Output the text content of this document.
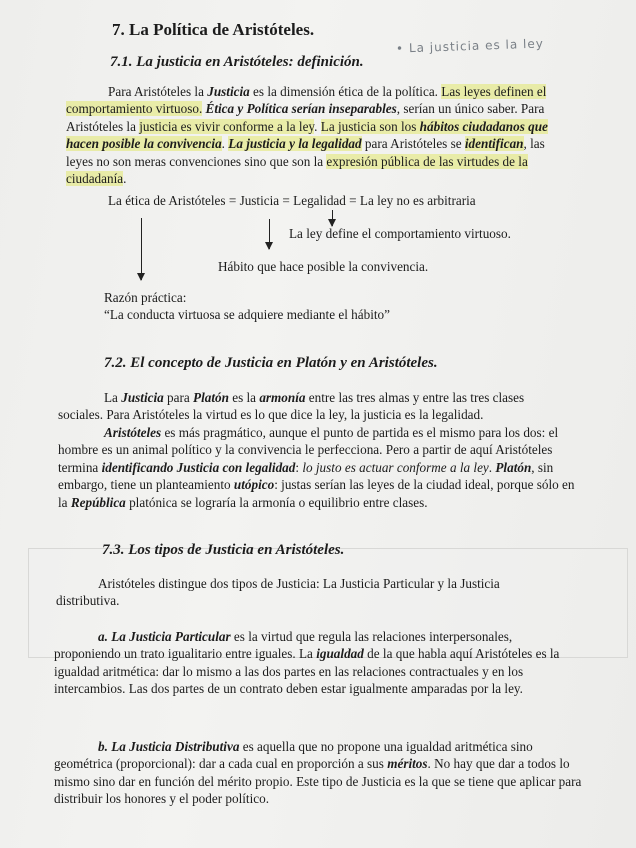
7. La Política de Aristóteles.
• La justicia es la ley
7.1. La justicia en Aristóteles: definición.
Para Aristóteles la Justicia es la dimensión ética de la política. Las leyes definen el comportamiento virtuoso. Ética y Política serían inseparables, serían un único saber. Para Aristóteles la justicia es vivir conforme a la ley. La justicia son los hábitos ciudadanos que hacen posible la convivencia. La justicia y la legalidad para Aristóteles se identifican, las leyes no son meras convenciones sino que son la expresión pública de las virtudes de la ciudadanía.
La ética de Aristóteles = Justicia = Legalidad = La ley no es arbitraria
La ley define el comportamiento virtuoso.
Hábito que hace posible la convivencia.
Razón práctica:
“La conducta virtuosa se adquiere mediante el hábito”
7.2. El concepto de Justicia en Platón y en Aristóteles.
La Justicia para Platón es la armonía entre las tres almas y entre las tres clases sociales. Para Aristóteles la virtud es lo que dice la ley, la justicia es la legalidad.
Aristóteles es más pragmático, aunque el punto de partida es el mismo para los dos: el hombre es un animal político y la convivencia le perfecciona. Pero a partir de aquí Aristóteles termina identificando Justicia con legalidad: lo justo es actuar conforme a la ley. Platón, sin embargo, tiene un planteamiento utópico: justas serían las leyes de la ciudad ideal, porque sólo en la República platónica se lograría la armonía o equilibrio entre clases.
7.3. Los tipos de Justicia en Aristóteles.
Aristóteles distingue dos tipos de Justicia: La Justicia Particular y la Justicia distributiva.
a. La Justicia Particular es la virtud que regula las relaciones interpersonales, proponiendo un trato igualitario entre iguales. La igualdad de la que habla aquí Aristóteles es la igualdad aritmética: dar lo mismo a las dos partes en las relaciones contractuales y en los intercambios. Las dos partes de un contrato deben estar igualmente amparadas por la ley.
b. La Justicia Distributiva es aquella que no propone una igualdad aritmética sino geométrica (proporcional): dar a cada cual en proporción a sus méritos. No hay que dar a todos lo mismo sino dar en función del mérito propio. Este tipo de Justicia es la que se tiene que aplicar para distribuir los honores y el poder político.
